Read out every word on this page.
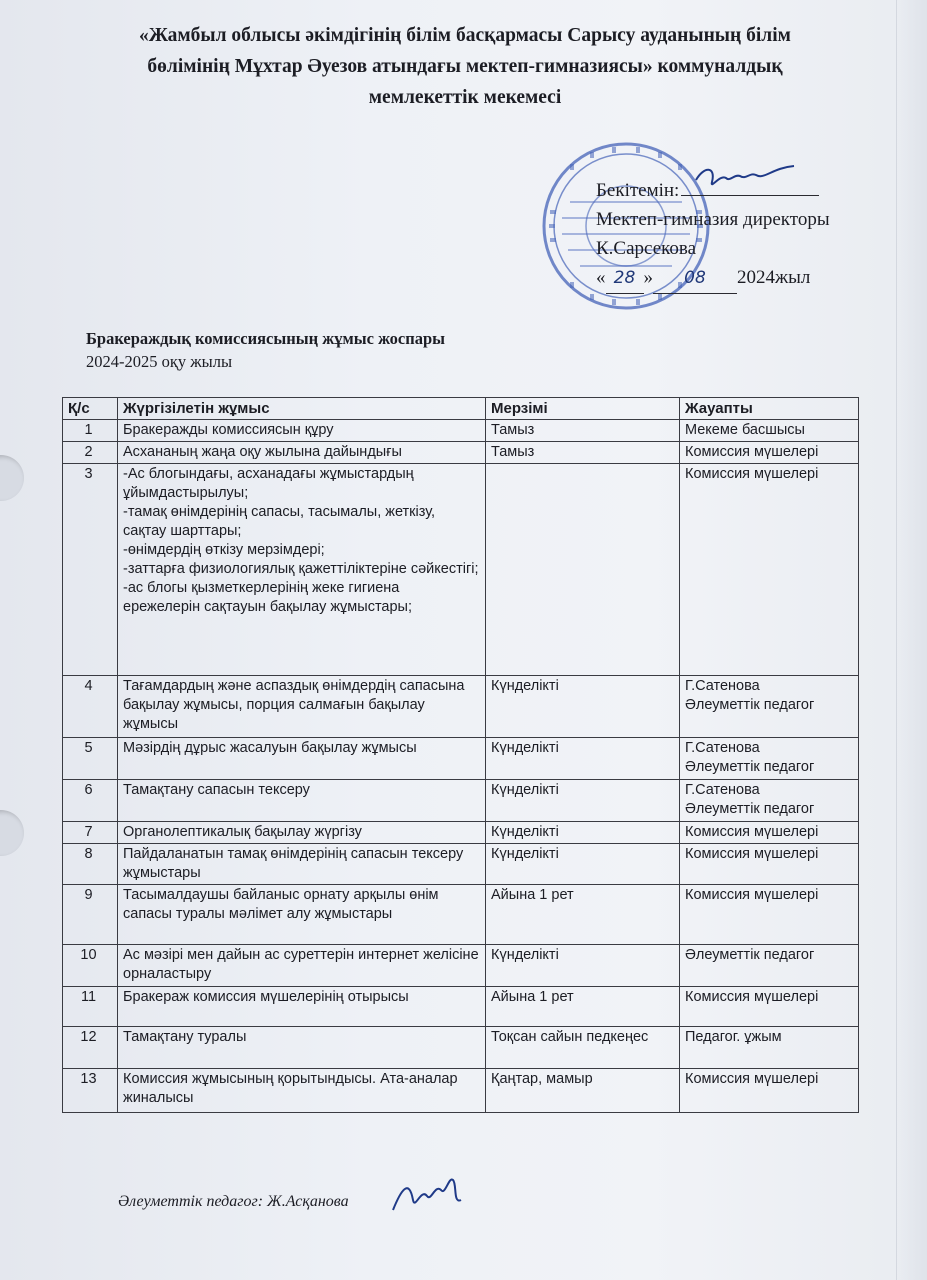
«Жамбыл облысы әкімдігінің білім басқармасы Сарысу ауданының білім
бөлімінің Мұхтар Әуезов атындағы мектеп-гимназиясы» коммуналдық
мемлекеттік мекемесі
Бекітемін:
Мектеп-гимназия директоры
К.Сарсекова
« 28 » 08 2024жыл
Бракераждық комиссиясының жұмыс жоспары
2024-2025 оқу жылы
Қ/с	Жүргізілетін жұмыс	Мерзімі	Жауапты
1	Бракеражды комиссиясын құру	Тамыз	Мекеме басшысы
2	Асхананың жаңа оқу жылына дайындығы	Тамыз	Комиссия мүшелері
3	-Ас блогындағы, асханадағы жұмыстардың ұйымдастырылуы;
-тамақ өнімдерінің сапасы, тасымалы, жеткізу, сақтау шарттары;
-өнімдердің өткізу мерзімдері;
-заттарға физиологиялық қажеттіліктеріне сәйкестігі;
-ас блогы қызметкерлерінің жеке гигиена ережелерін сақтауын бақылау жұмыстары;		Комиссия мүшелері
4	Тағамдардың және аспаздық өнімдердің сапасына бақылау жұмысы, порция салмағын бақылау жұмысы	Күнделікті	Г.Сатенова
Әлеуметтік педагог
5	Мәзірдің дұрыс жасалуын бақылау жұмысы	Күнделікті	Г.Сатенова
Әлеуметтік педагог
6	Тамақтану сапасын тексеру	Күнделікті	Г.Сатенова
Әлеуметтік педагог
7	Органолептикалық бақылау жүргізу	Күнделікті	Комиссия мүшелері
8	Пайдаланатын тамақ өнімдерінің сапасын тексеру жұмыстары	Күнделікті	Комиссия мүшелері
9	Тасымалдаушы байланыс орнату арқылы өнім сапасы туралы мәлімет алу жұмыстары	Айына 1 рет	Комиссия мүшелері
10	Ас мәзірі мен дайын ас суреттерін интернет желісіне орналастыру	Күнделікті	Әлеуметтік педагог
11	Бракераж комиссия мүшелерінің отырысы	Айына 1 рет	Комиссия мүшелері
12	Тамақтану туралы	Тоқсан сайын педкеңес	Педагог. ұжым
13	Комиссия жұмысының қорытындысы. Ата-аналар жиналысы	Қаңтар, мамыр	Комиссия мүшелері
Әлеуметтік педагог: Ж.Асқанова
